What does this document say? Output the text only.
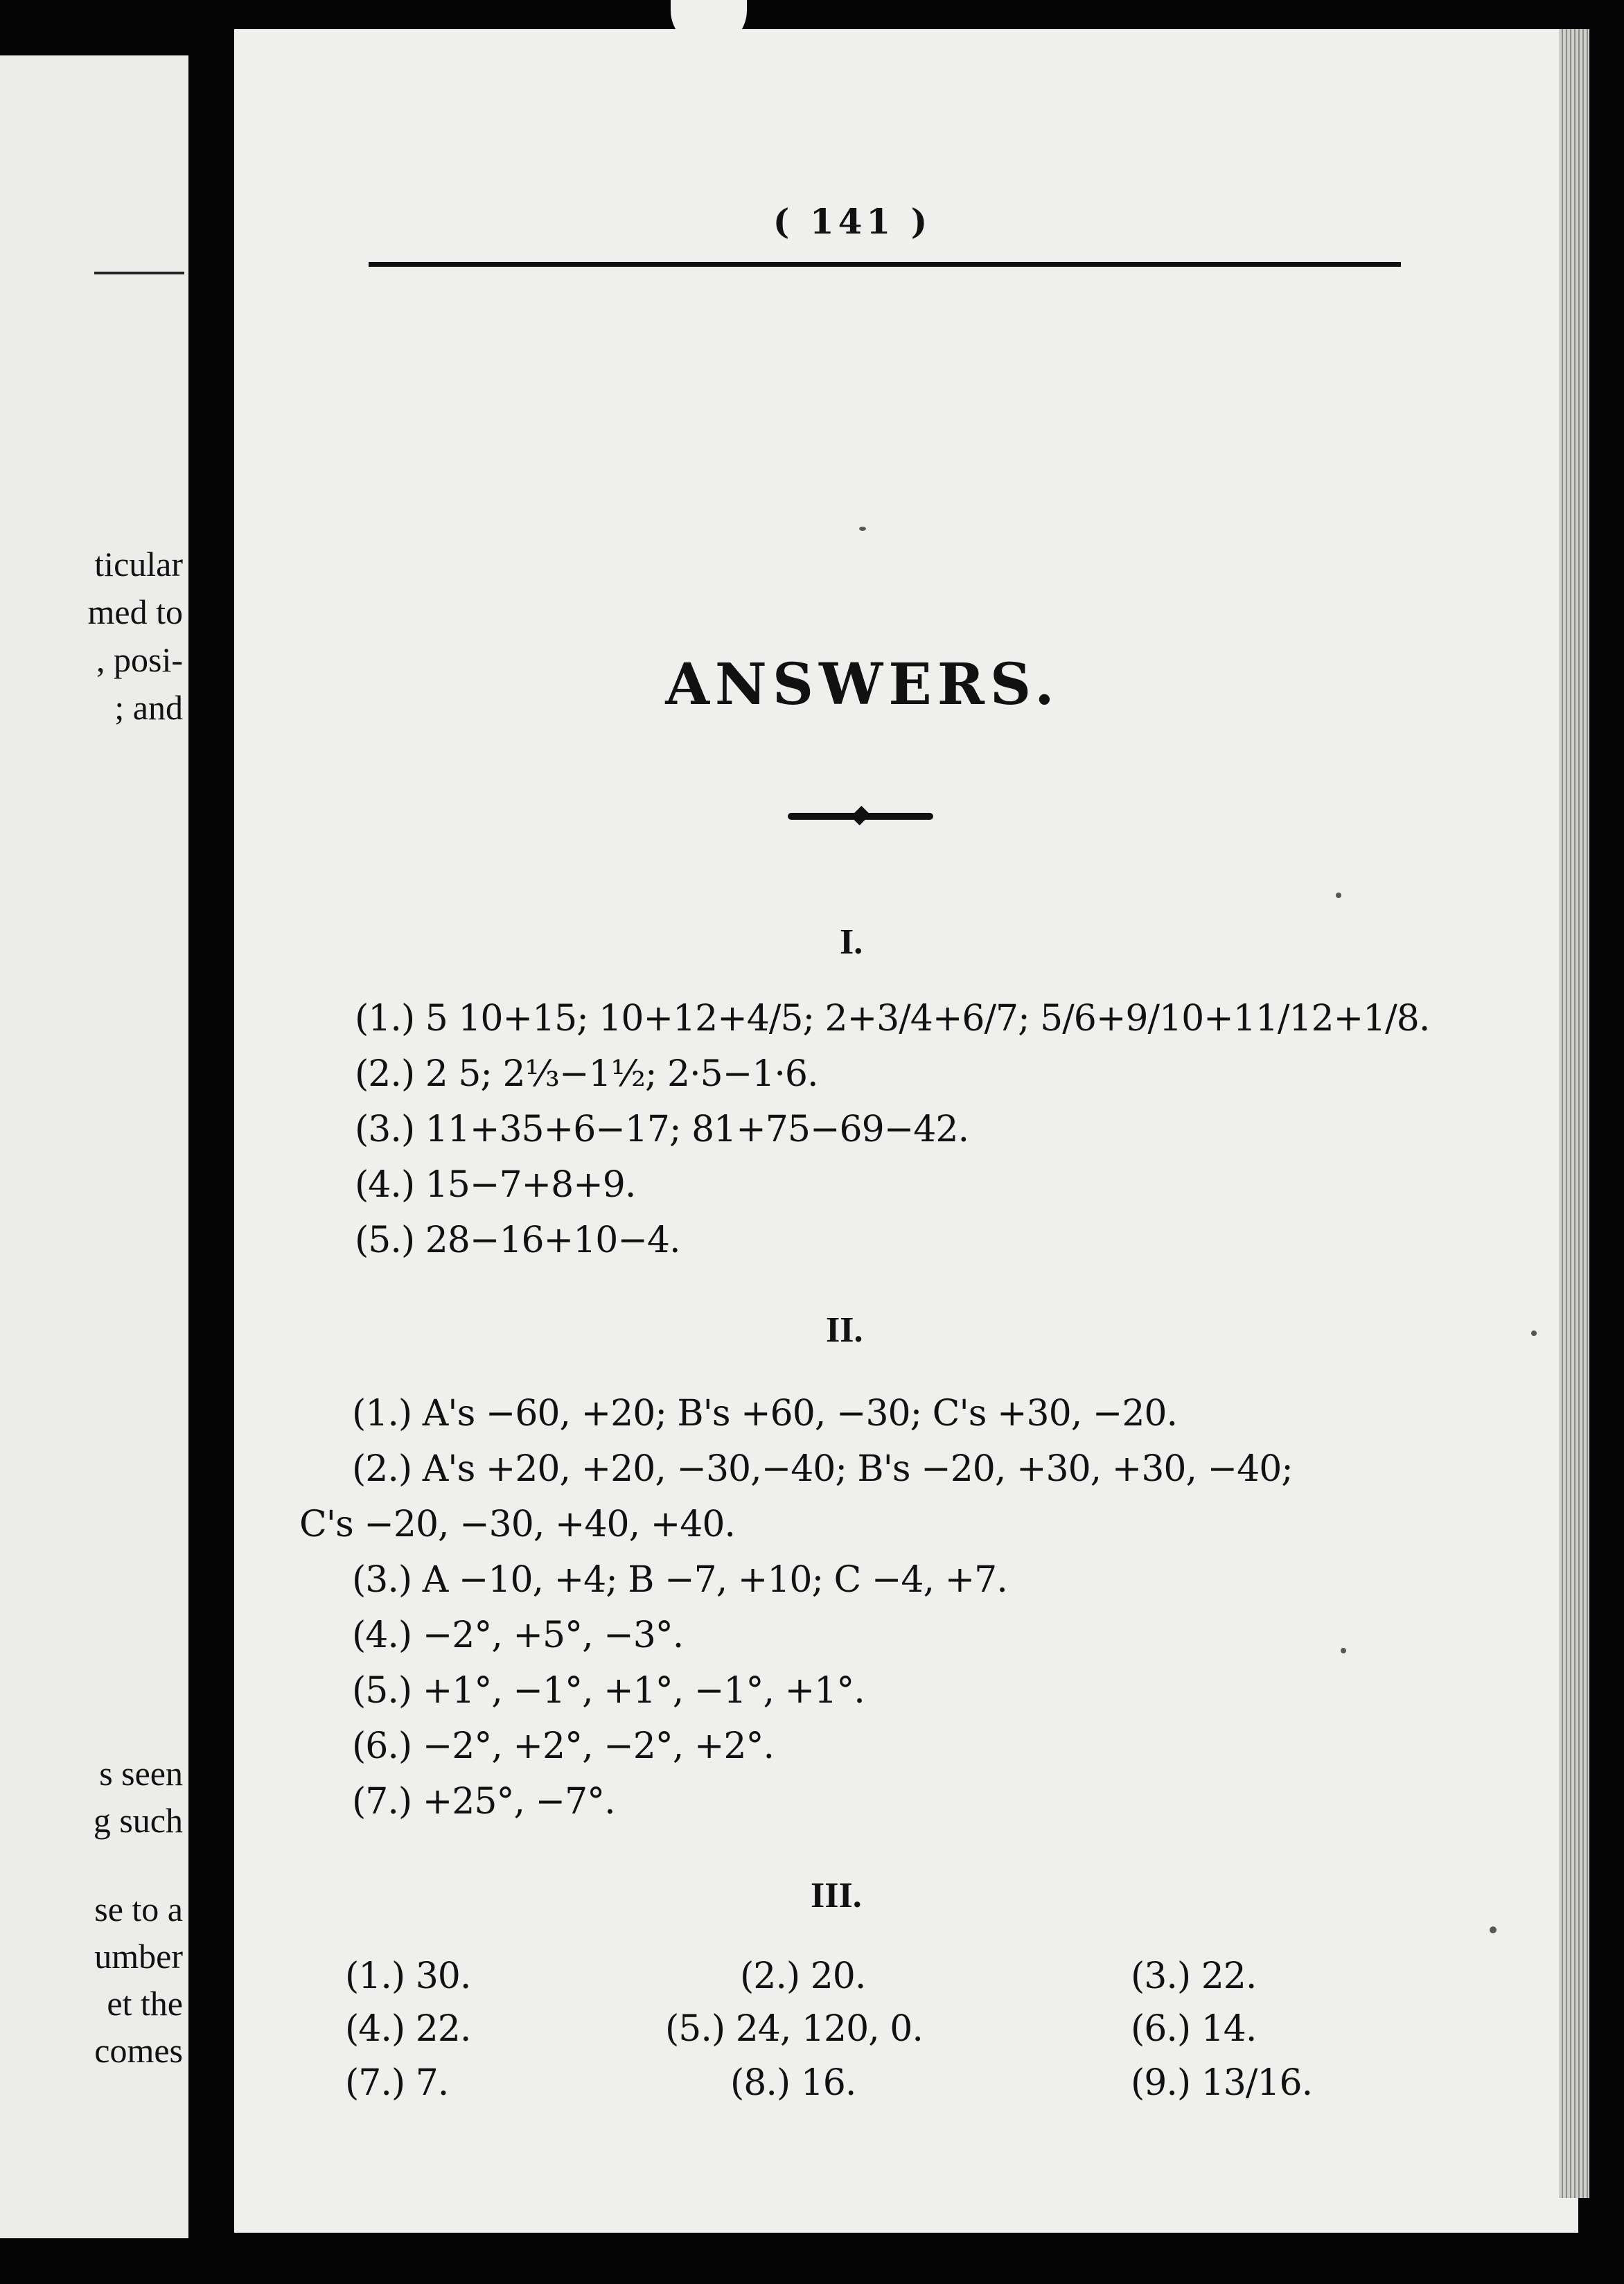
ticular
med to
, posi-
; and
s seen
g such
se to a
umber
et the
comes
( 141 )
ANSWERS.
I.
(1.) 5 10+15; 10+12+4/5; 2+3/4+6/7; 5/6+9/10+11/12+1/8.
(2.) 2 5; 2⅓−1½; 2·5−1·6.
(3.) 11+35+6−17; 81+75−69−42.
(4.) 15−7+8+9.
(5.) 28−16+10−4.
II.
(1.) A's −60, +20; B's +60, −30; C's +30, −20.
(2.) A's +20, +20, −30,−40; B's −20, +30, +30, −40;
C's −20, −30, +40, +40.
(3.) A −10, +4; B −7, +10; C −4, +7.
(4.) −2°, +5°, −3°.
(5.) +1°, −1°, +1°, −1°, +1°.
(6.) −2°, +2°, −2°, +2°.
(7.) +25°, −7°.
III.
(1.) 30.	(2.) 20.	(3.) 22.
(4.) 22.	(5.) 24, 120, 0.	(6.) 14.
(7.) 7.	(8.) 16.	(9.) 13/16.
